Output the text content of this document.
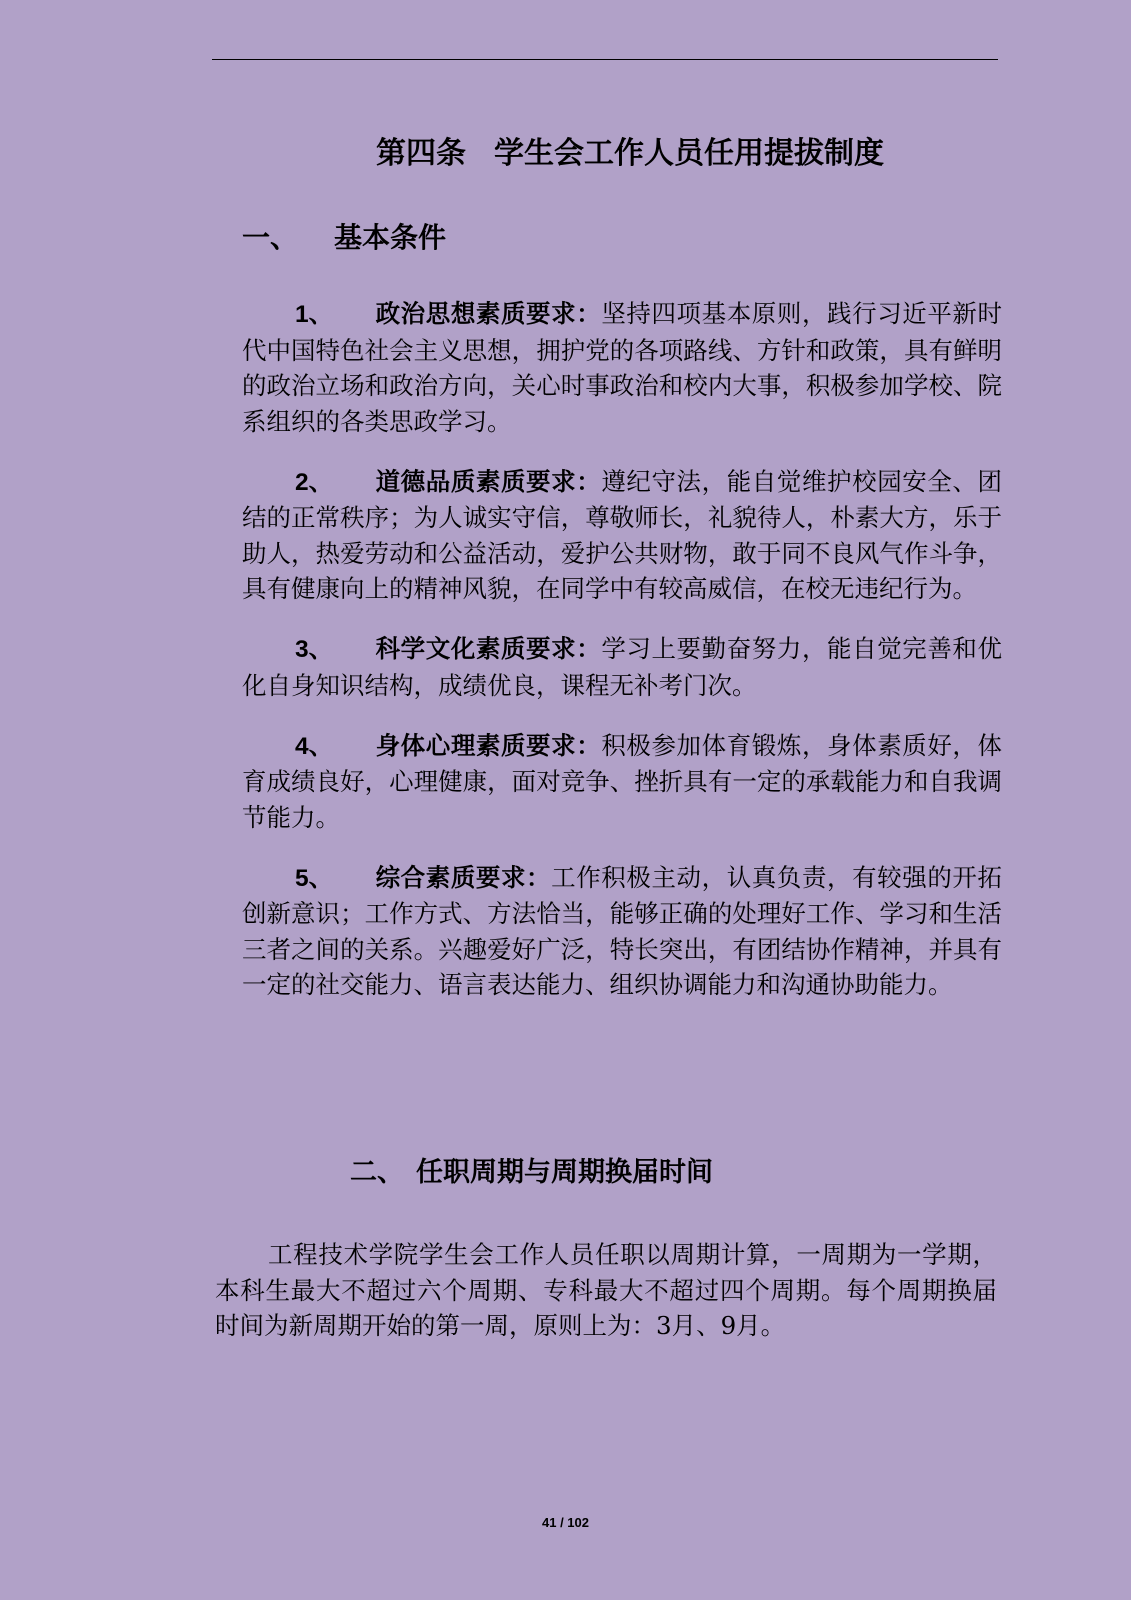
第四条 学生会工作人员任用提拔制度
一、 基本条件

1、 政治思想素质要求：坚持四项基本原则，践行习近平新时代中国特色社会主义思想，拥护党的各项路线、方针和政策，具有鲜明的政治立场和政治方向，关心时事政治和校内大事，积极参加学校、院系组织的各类思政学习。

2、 道德品质素质要求：遵纪守法，能自觉维护校园安全、团结的正常秩序；为人诚实守信，尊敬师长，礼貌待人，朴素大方，乐于助人，热爱劳动和公益活动，爱护公共财物，敢于同不良风气作斗争，具有健康向上的精神风貌，在同学中有较高威信，在校无违纪行为。

3、 科学文化素质要求：学习上要勤奋努力，能自觉完善和优化自身知识结构，成绩优良，课程无补考门次。

4、 身体心理素质要求：积极参加体育锻炼，身体素质好，体育成绩良好，心理健康，面对竞争、挫折具有一定的承载能力和自我调节能力。

5、 综合素质要求：工作积极主动，认真负责，有较强的开拓创新意识；工作方式、方法恰当，能够正确的处理好工作、学习和生活三者之间的关系。兴趣爱好广泛，特长突出，有团结协作精神，并具有一定的社交能力、语言表达能力、组织协调能力和沟通协助能力。

二、 任职周期与周期换届时间

工程技术学院学生会工作人员任职以周期计算，一周期为一学期，本科生最大不超过六个周期、专科最大不超过四个周期。每个周期换届时间为新周期开始的第一周，原则上为：3月、9月。

41 / 102
